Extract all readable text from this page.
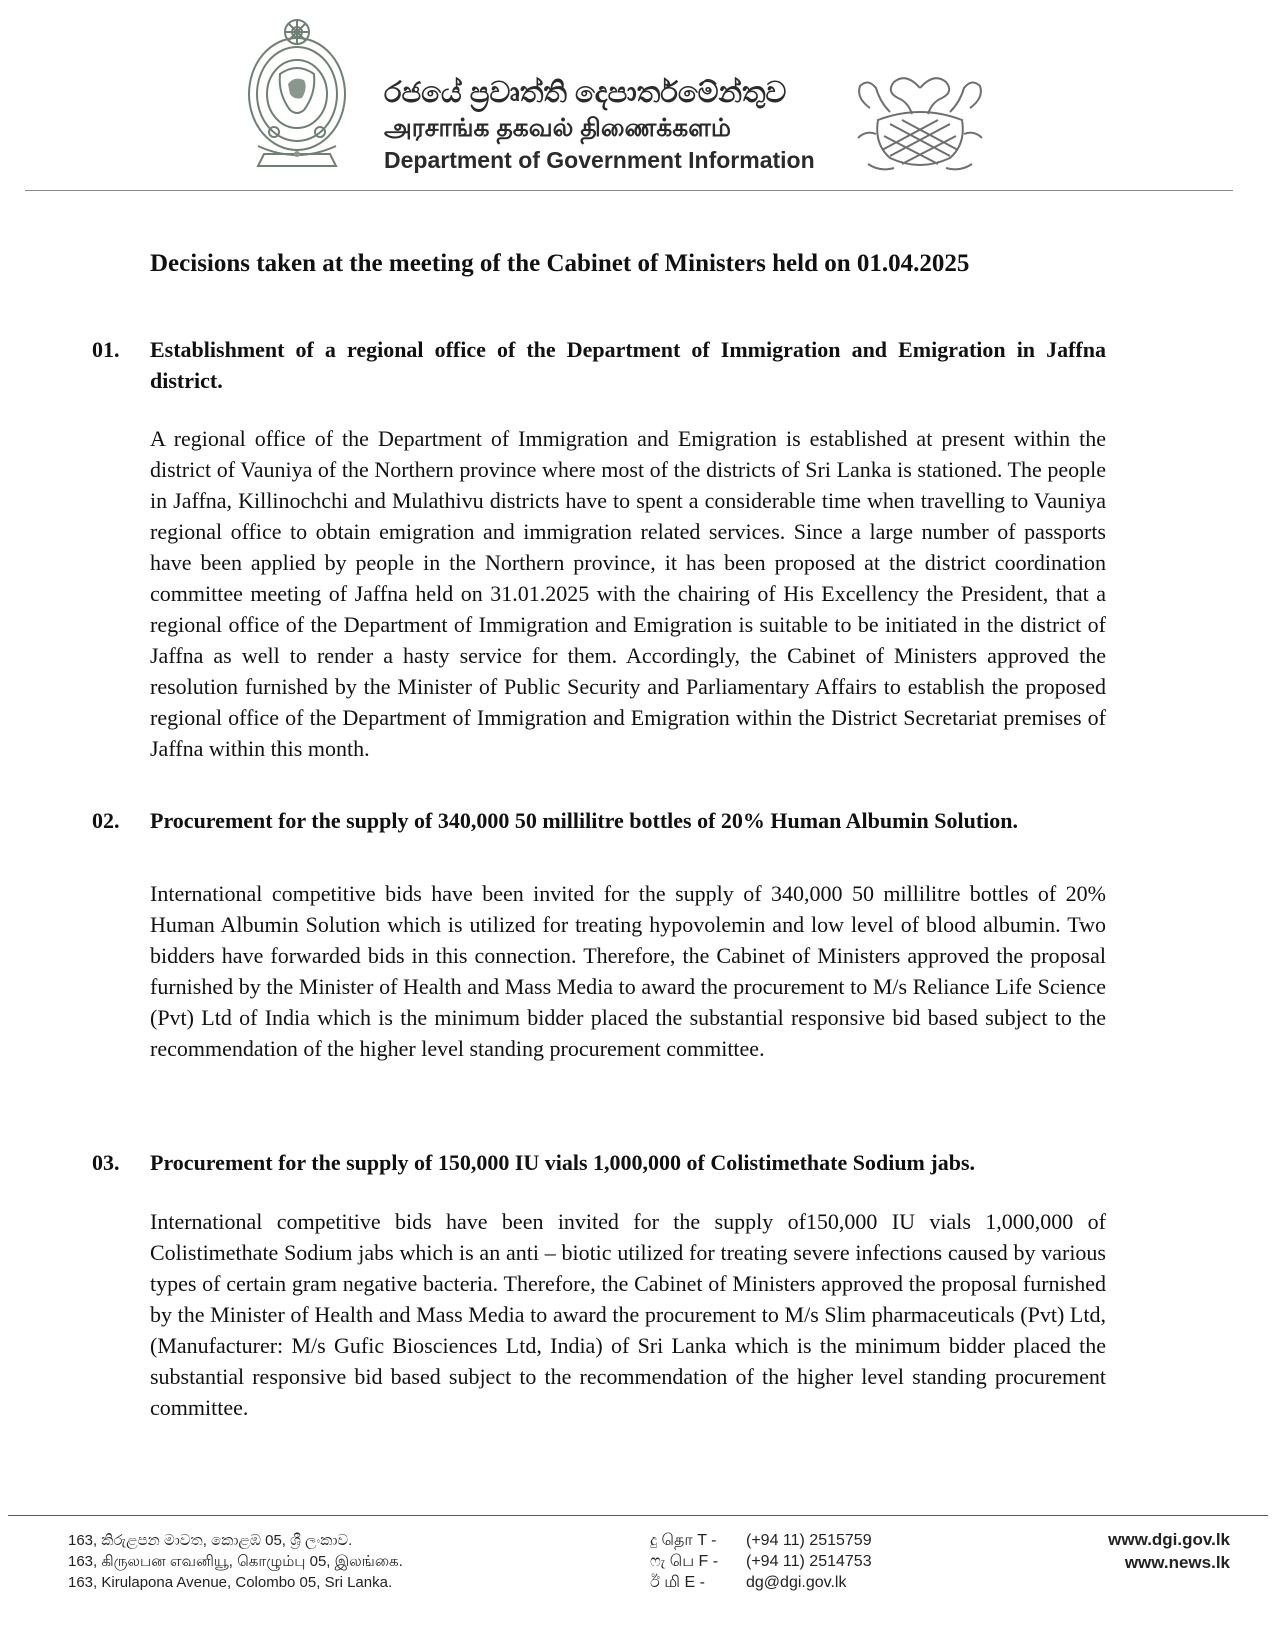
රජයේ ප්‍රවෘත්ති දෙපාර්තමේන්තුව
அரசாங்க தகவல் திணைக்களம்
Department of Government Information
Decisions taken at the meeting of the Cabinet of Ministers held on 01.04.2025
01. Establishment of a regional office of the Department of Immigration and Emigration in Jaffna district.

A regional office of the Department of Immigration and Emigration is established at present within the district of Vauniya of the Northern province where most of the districts of Sri Lanka is stationed. The people in Jaffna, Killinochchi and Mulathivu districts have to spent a considerable time when travelling to Vauniya regional office to obtain emigration and immigration related services. Since a large number of passports have been applied by people in the Northern province, it has been proposed at the district coordination committee meeting of Jaffna held on 31.01.2025 with the chairing of His Excellency the President, that a regional office of the Department of Immigration and Emigration is suitable to be initiated in the district of Jaffna as well to render a hasty service for them. Accordingly, the Cabinet of Ministers approved the resolution furnished by the Minister of Public Security and Parliamentary Affairs to establish the proposed regional office of the Department of Immigration and Emigration within the District Secretariat premises of Jaffna within this month.

02. Procurement for the supply of 340,000 50 millilitre bottles of 20% Human Albumin Solution.

International competitive bids have been invited for the supply of 340,000 50 millilitre bottles of 20% Human Albumin Solution which is utilized for treating hypovolemin and low level of blood albumin. Two bidders have forwarded bids in this connection. Therefore, the Cabinet of Ministers approved the proposal furnished by the Minister of Health and Mass Media to award the procurement to M/s Reliance Life Science (Pvt) Ltd of India which is the minimum bidder placed the substantial responsive bid based subject to the recommendation of the higher level standing procurement committee.

03. Procurement for the supply of 150,000 IU vials 1,000,000 of Colistimethate Sodium jabs.

International competitive bids have been invited for the supply of150,000 IU vials 1,000,000 of Colistimethate Sodium jabs which is an anti – biotic utilized for treating severe infections caused by various types of certain gram negative bacteria. Therefore, the Cabinet of Ministers approved the proposal furnished by the Minister of Health and Mass Media to award the procurement to M/s Slim pharmaceuticals (Pvt) Ltd, (Manufacturer: M/s Gufic Biosciences Ltd, India) of Sri Lanka which is the minimum bidder placed the substantial responsive bid based subject to the recommendation of the higher level standing procurement committee.

163, කිරුළපන මාවත, කොළඹ 05, ශ්‍රී ලංකාව.
163, கிருலபன எவனியூ, கொழும்பு 05, இலங்கை.
163, Kirulapona Avenue, Colombo 05, Sri Lanka.
දු தொ T -	(+94 11) 2515759
ෆැ பெ F -	(+94 11) 2514753
ඊ மி E -	dg@dgi.gov.lk
www.dgi.gov.lk
www.news.lk
